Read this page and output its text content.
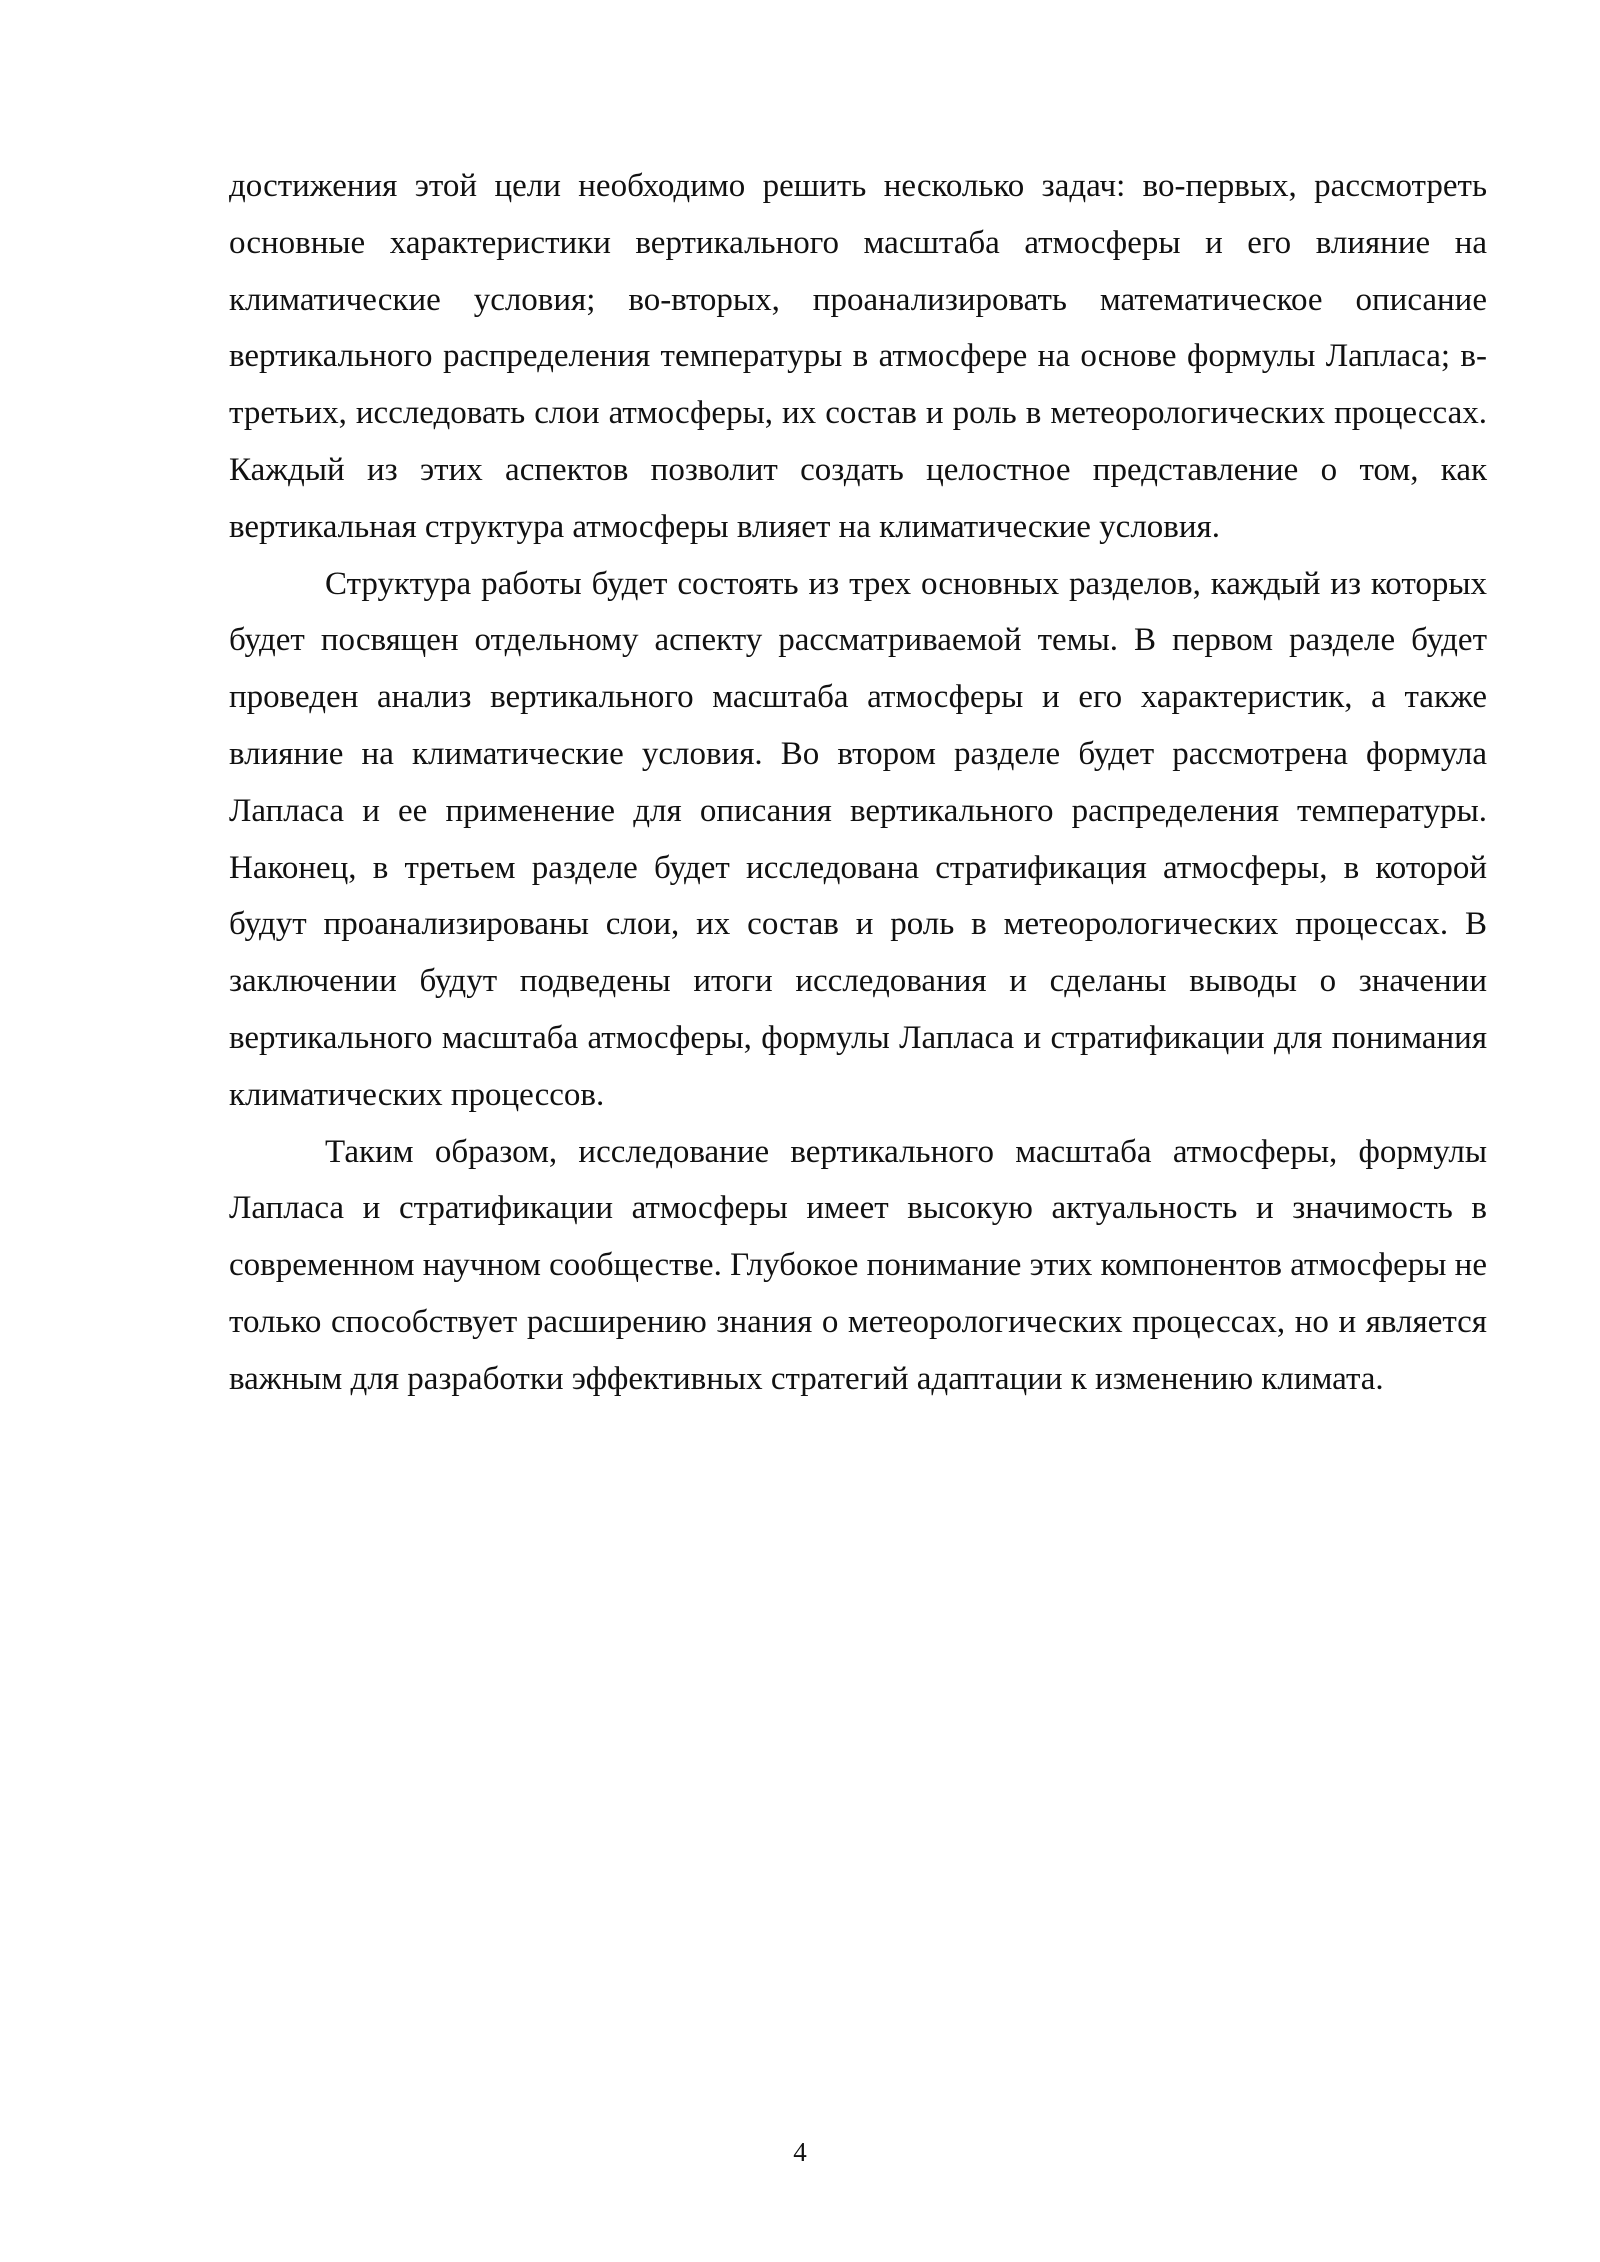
достижения этой цели необходимо решить несколько задач: во-первых, рассмотреть основные характеристики вертикального масштаба атмосферы и его влияние на климатические условия; во-вторых, проанализировать математическое описание вертикального распределения температуры в атмосфере на основе формулы Лапласа; в-третьих, исследовать слои атмосферы, их состав и роль в метеорологических процессах. Каждый из этих аспектов позволит создать целостное представление о том, как вертикальная структура атмосферы влияет на климатические условия.

Структура работы будет состоять из трех основных разделов, каждый из которых будет посвящен отдельному аспекту рассматриваемой темы. В первом разделе будет проведен анализ вертикального масштаба атмосферы и его характеристик, а также влияние на климатические условия. Во втором разделе будет рассмотрена формула Лапласа и ее применение для описания вертикального распределения температуры. Наконец, в третьем разделе будет исследована стратификация атмосферы, в которой будут проанализированы слои, их состав и роль в метеорологических процессах. В заключении будут подведены итоги исследования и сделаны выводы о значении вертикального масштаба атмосферы, формулы Лапласа и стратификации для понимания климатических процессов.

Таким образом, исследование вертикального масштаба атмосферы, формулы Лапласа и стратификации атмосферы имеет высокую актуальность и значимость в современном научном сообществе. Глубокое понимание этих компонентов атмосферы не только способствует расширению знания о метеорологических процессах, но и является важным для разработки эффективных стратегий адаптации к изменению климата.

4
